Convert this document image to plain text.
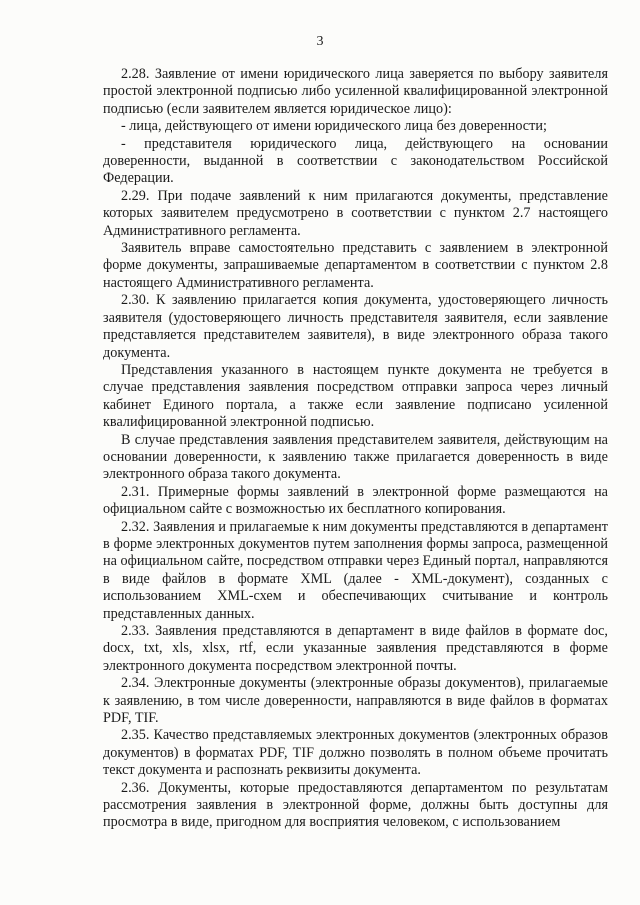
3

2.28. Заявление от имени юридического лица заверяется по выбору заявителя простой электронной подписью либо усиленной квалифицированной электронной подписью (если заявителем является юридическое лицо):

- лица, действующего от имени юридического лица без доверенности;

- представителя юридического лица, действующего на основании доверенности, выданной в соответствии с законодательством Российской Федерации.

2.29. При подаче заявлений к ним прилагаются документы, представление которых заявителем предусмотрено в соответствии с пунктом 2.7 настоящего Административного регламента.

Заявитель вправе самостоятельно представить с заявлением в электронной форме документы, запрашиваемые департаментом в соответствии с пунктом 2.8 настоящего Административного регламента.

2.30. К заявлению прилагается копия документа, удостоверяющего личность заявителя (удостоверяющего личность представителя заявителя, если заявление представляется представителем заявителя), в виде электронного образа такого документа.

Представления указанного в настоящем пункте документа не требуется в случае представления заявления посредством отправки запроса через личный кабинет Единого портала, а также если заявление подписано усиленной квалифицированной электронной подписью.

В случае представления заявления представителем заявителя, действующим на основании доверенности, к заявлению также прилагается доверенность в виде электронного образа такого документа.

2.31. Примерные формы заявлений в электронной форме размещаются на официальном сайте с возможностью их бесплатного копирования.

2.32. Заявления и прилагаемые к ним документы представляются в департамент в форме электронных документов путем заполнения формы запроса, размещенной на официальном сайте, посредством отправки через Единый портал, направляются в виде файлов в формате XML (далее - XML-документ), созданных с использованием XML-схем и обеспечивающих считывание и контроль представленных данных.

2.33. Заявления представляются в департамент в виде файлов в формате doc, docx, txt, xls, xlsx, rtf, если указанные заявления представляются в форме электронного документа посредством электронной почты.

2.34. Электронные документы (электронные образы документов), прилагаемые к заявлению, в том числе доверенности, направляются в виде файлов в форматах PDF, TIF.

2.35. Качество представляемых электронных документов (электронных образов документов) в форматах PDF, TIF должно позволять в полном объеме прочитать текст документа и распознать реквизиты документа.

2.36. Документы, которые предоставляются департаментом по результатам рассмотрения заявления в электронной форме, должны быть доступны для просмотра в виде, пригодном для восприятия человеком, с использованием
